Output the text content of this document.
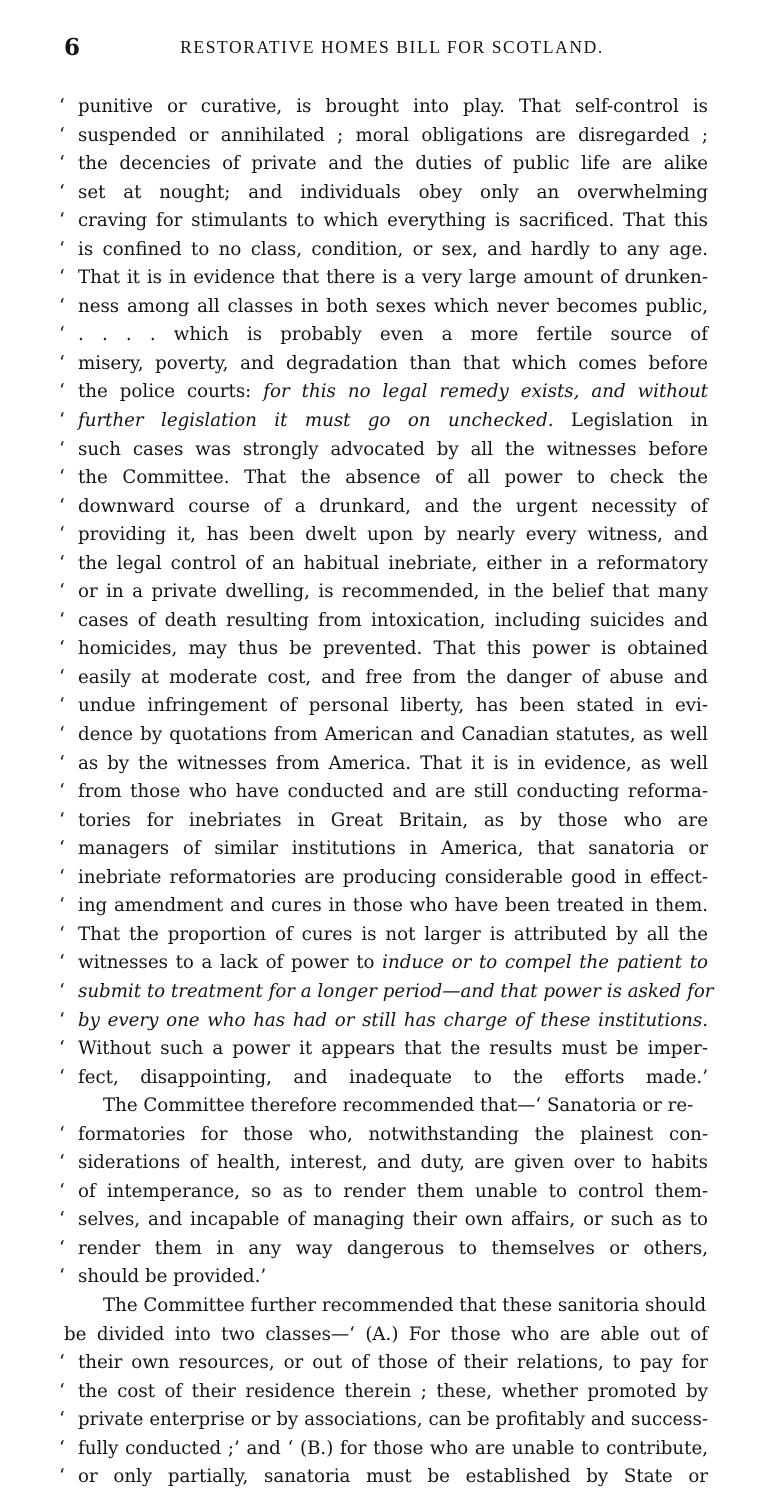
6	RESTORATIVE HOMES BILL FOR SCOTLAND.
‘ punitive or curative, is brought into play. That self-control is
‘ suspended or annihilated ; moral obligations are disregarded ;
‘ the decencies of private and the duties of public life are alike
‘ set at nought; and individuals obey only an overwhelming
‘ craving for stimulants to which everything is sacrificed. That this
‘ is confined to no class, condition, or sex, and hardly to any age.
‘ That it is in evidence that there is a very large amount of drunken-
‘ ness among all classes in both sexes which never becomes public,
‘ . . . . which is probably even a more fertile source of
‘ misery, poverty, and degradation than that which comes before
‘ the police courts: for this no legal remedy exists, and without
‘ further legislation it must go on unchecked. Legislation in
‘ such cases was strongly advocated by all the witnesses before
‘ the Committee. That the absence of all power to check the
‘ downward course of a drunkard, and the urgent necessity of
‘ providing it, has been dwelt upon by nearly every witness, and
‘ the legal control of an habitual inebriate, either in a reformatory
‘ or in a private dwelling, is recommended, in the belief that many
‘ cases of death resulting from intoxication, including suicides and
‘ homicides, may thus be prevented. That this power is obtained
‘ easily at moderate cost, and free from the danger of abuse and
‘ undue infringement of personal liberty, has been stated in evi-
‘ dence by quotations from American and Canadian statutes, as well
‘ as by the witnesses from America. That it is in evidence, as well
‘ from those who have conducted and are still conducting reforma-
‘ tories for inebriates in Great Britain, as by those who are
‘ managers of similar institutions in America, that sanatoria or
‘ inebriate reformatories are producing considerable good in effect-
‘ ing amendment and cures in those who have been treated in them.
‘ That the proportion of cures is not larger is attributed by all the
‘ witnesses to a lack of power to induce or to compel the patient to
‘ submit to treatment for a longer period—and that power is asked for
‘ by every one who has had or still has charge of these institutions.
‘ Without such a power it appears that the results must be imper-
‘ fect, disappointing, and inadequate to the efforts made.’
The Committee therefore recommended that—‘ Sanatoria or re-
‘ formatories for those who, notwithstanding the plainest con-
‘ siderations of health, interest, and duty, are given over to habits
‘ of intemperance, so as to render them unable to control them-
‘ selves, and incapable of managing their own affairs, or such as to
‘ render them in any way dangerous to themselves or others,
‘ should be provided.’
The Committee further recommended that these sanitoria should
be divided into two classes—‘ (A.) For those who are able out of
‘ their own resources, or out of those of their relations, to pay for
‘ the cost of their residence therein ; these, whether promoted by
‘ private enterprise or by associations, can be profitably and success-
‘ fully conducted ;’ and ‘ (B.) for those who are unable to contribute,
‘ or only partially, sanatoria must be established by State or
